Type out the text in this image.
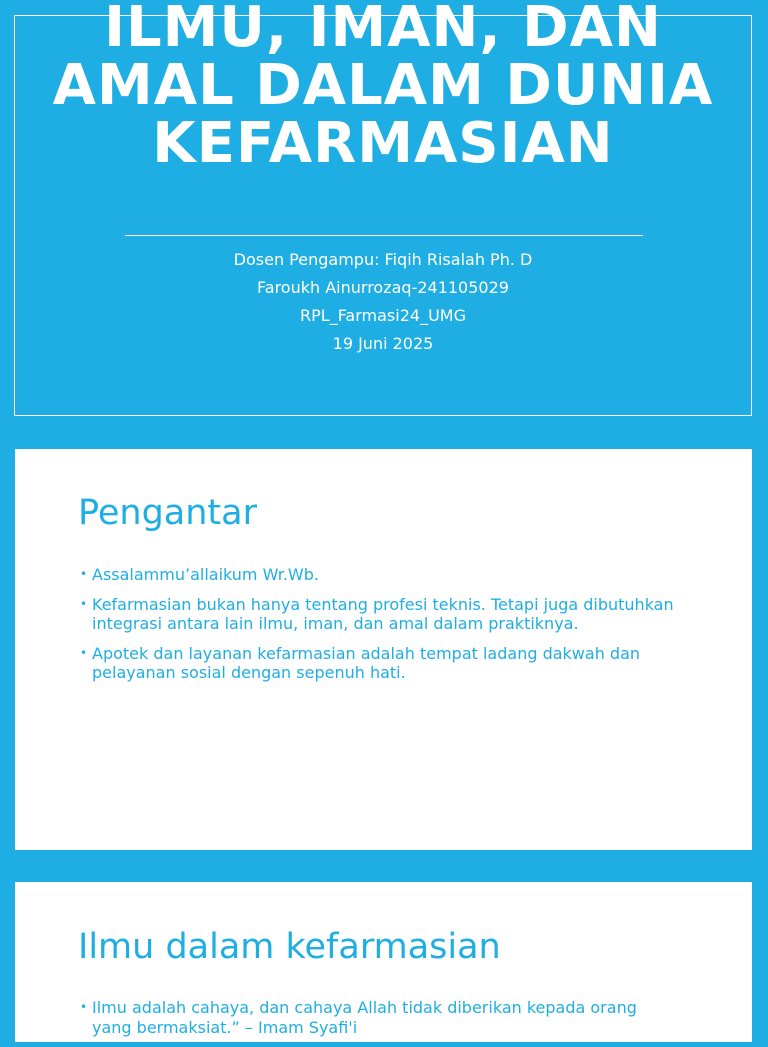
ILMU, IMAN, DAN AMAL DALAM DUNIA KEFARMASIAN
Dosen Pengampu: Fiqih Risalah Ph. D
Faroukh Ainurrozaq-241105029
RPL_Farmasi24_UMG
19 Juni 2025
Pengantar
• Assalammu’allaikum Wr.Wb.
• Kefarmasian bukan hanya tentang profesi teknis. Tetapi juga dibutuhkan integrasi antara lain ilmu, iman, dan amal dalam praktiknya.
• Apotek dan layanan kefarmasian adalah tempat ladang dakwah dan pelayanan sosial dengan sepenuh hati.
Ilmu dalam kefarmasian
• Ilmu adalah cahaya, dan cahaya Allah tidak diberikan kepada orang yang bermaksiat.” – Imam Syafi'i
